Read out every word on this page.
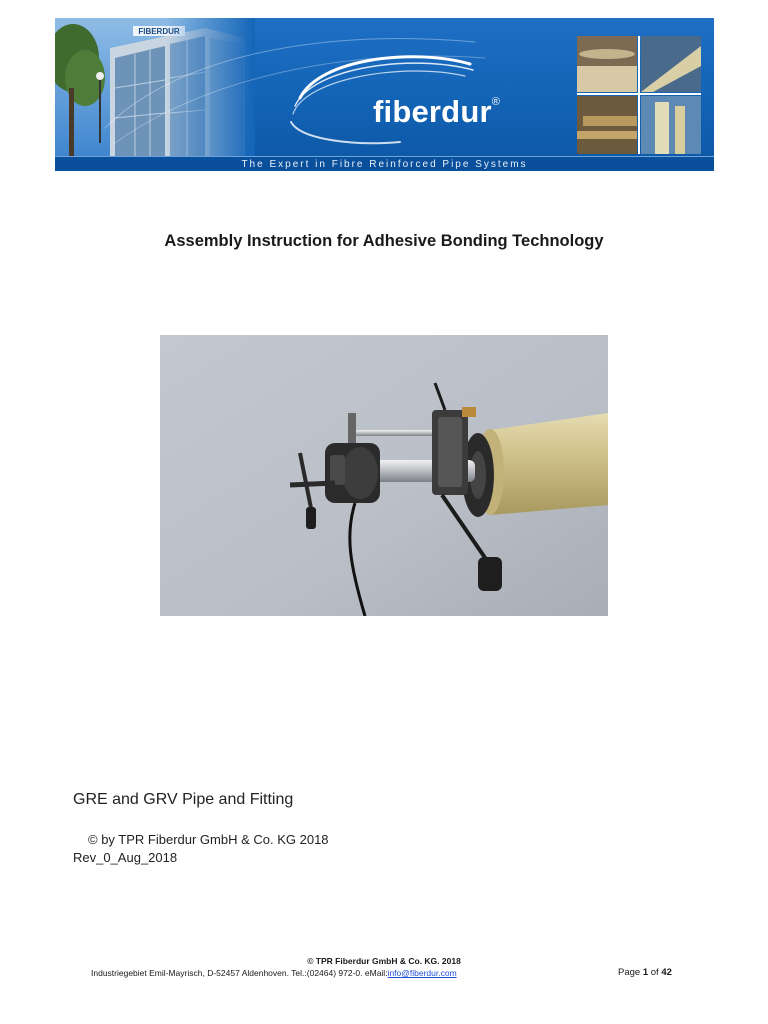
fiberdur®
The Expert in Fibre Reinforced Pipe Systems
Assembly Instruction for Adhesive Bonding Technology
GRE and GRV Pipe and Fitting
© by TPR Fiberdur GmbH & Co. KG 2018
Rev_0_Aug_2018
© TPR Fiberdur GmbH & Co. KG. 2018
Industriegebiet Emil-Mayrisch, D-52457 Aldenhoven. Tel.:(02464) 972-0. eMail:info@fiberdur.com	Page 1 of 42
